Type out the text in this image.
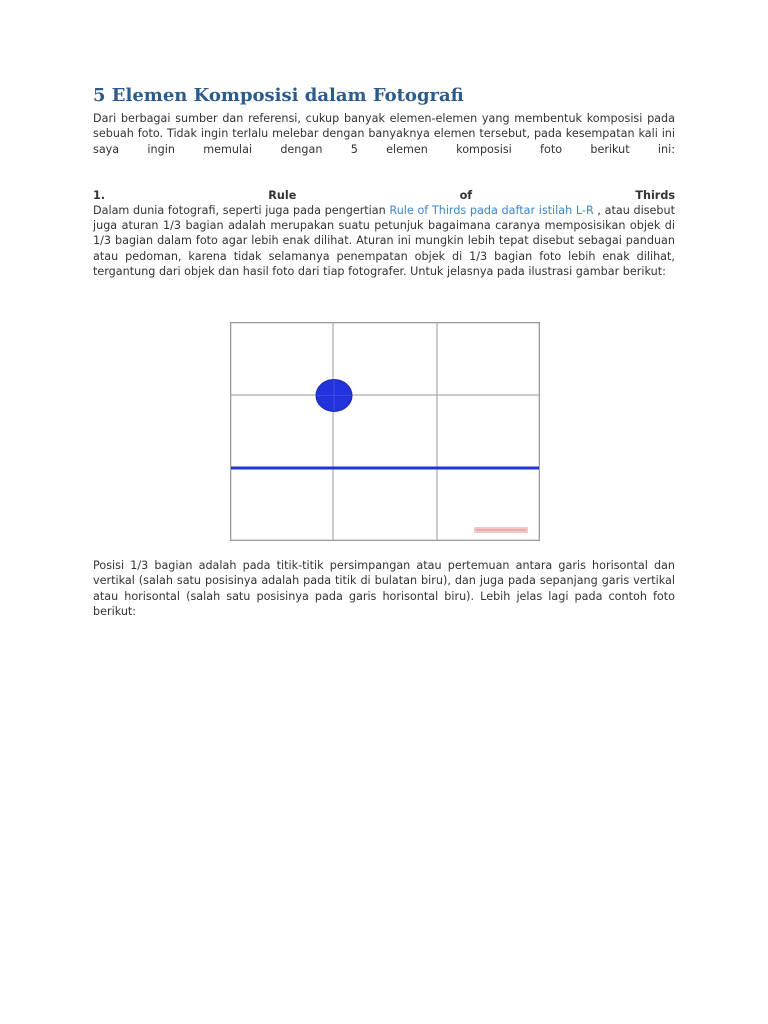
5 Elemen Komposisi dalam Fotografi

Dari berbagai sumber dan referensi, cukup banyak elemen-elemen yang membentuk komposisi pada sebuah foto. Tidak ingin terlalu melebar dengan banyaknya elemen tersebut, pada kesempatan kali ini saya ingin memulai dengan 5 elemen komposisi foto berikut ini:

1.	Rule	of	Thirds

Dalam dunia fotografi, seperti juga pada pengertian Rule of Thirds pada daftar istilah L-R , atau disebut juga aturan 1/3 bagian adalah merupakan suatu petunjuk bagaimana caranya memposisikan objek di 1/3 bagian dalam foto agar lebih enak dilihat. Aturan ini mungkin lebih tepat disebut sebagai panduan atau pedoman, karena tidak selamanya penempatan objek di 1/3 bagian foto lebih enak dilihat, tergantung dari objek dan hasil foto dari tiap fotografer. Untuk jelasnya pada ilustrasi gambar berikut:

Posisi 1/3 bagian adalah pada titik-titik persimpangan atau pertemuan antara garis horisontal dan vertikal (salah satu posisinya adalah pada titik di bulatan biru), dan juga pada sepanjang garis vertikal atau horisontal (salah satu posisinya pada garis horisontal biru). Lebih jelas lagi pada contoh foto berikut:
